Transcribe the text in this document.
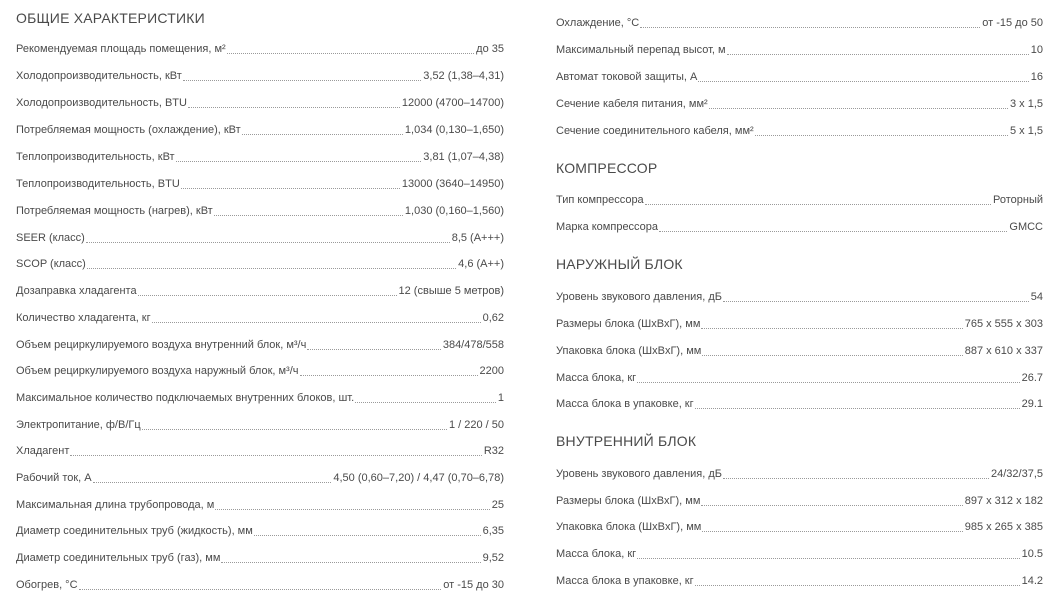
ОБЩИЕ ХАРАКТЕРИСТИКИ
Рекомендуемая площадь помещения, м²	до 35
Холодопроизводительность, кВт	3,52 (1,38–4,31)
Холодопроизводительность, BTU	12000 (4700–14700)
Потребляемая мощность (охлаждение), кВт	1,034 (0,130–1,650)
Теплопроизводительность, кВт	3,81 (1,07–4,38)
Теплопроизводительность, BTU	13000 (3640–14950)
Потребляемая мощность (нагрев), кВт	1,030 (0,160–1,560)
SEER (класс)	8,5 (A+++)
SCOP (класс)	4,6 (A++)
Дозаправка хладагента	12 (свыше 5 метров)
Количество хладагента, кг	0,62
Объем рециркулируемого воздуха внутренний блок, м³/ч	384/478/558
Объем рециркулируемого воздуха наружный блок, м³/ч	2200
Максимальное количество подключаемых внутренних блоков, шт.	1
Электропитание, ф/В/Гц	1 / 220 / 50
Хладагент	R32
Рабочий ток, А	4,50 (0,60–7,20) / 4,47 (0,70–6,78)
Максимальная длина трубопровода, м	25
Диаметр соединительных труб (жидкость), мм	6,35
Диаметр соединительных труб (газ), мм	9,52
Обогрев, °C	от -15 до 30
Охлаждение, °C	от -15 до 50
Максимальный перепад высот, м	10
Автомат токовой защиты, А	16
Сечение кабеля питания, мм²	3 x 1,5
Сечение соединительного кабеля, мм²	5 x 1,5
КОМПРЕССОР
Тип компрессора	Роторный
Марка компрессора	GMCC
НАРУЖНЫЙ БЛОК
Уровень звукового давления, дБ	54
Размеры блока (ШxВxГ), мм	765 x 555 x 303
Упаковка блока (ШxВxГ), мм	887 x 610 x 337
Масса блока, кг	26.7
Масса блока в упаковке, кг	29.1
ВНУТРЕННИЙ БЛОК
Уровень звукового давления, дБ	24/32/37,5
Размеры блока (ШxВxГ), мм	897 x 312 x 182
Упаковка блока (ШxВxГ), мм	985 x 265 x 385
Масса блока, кг	10.5
Масса блока в упаковке, кг	14.2
